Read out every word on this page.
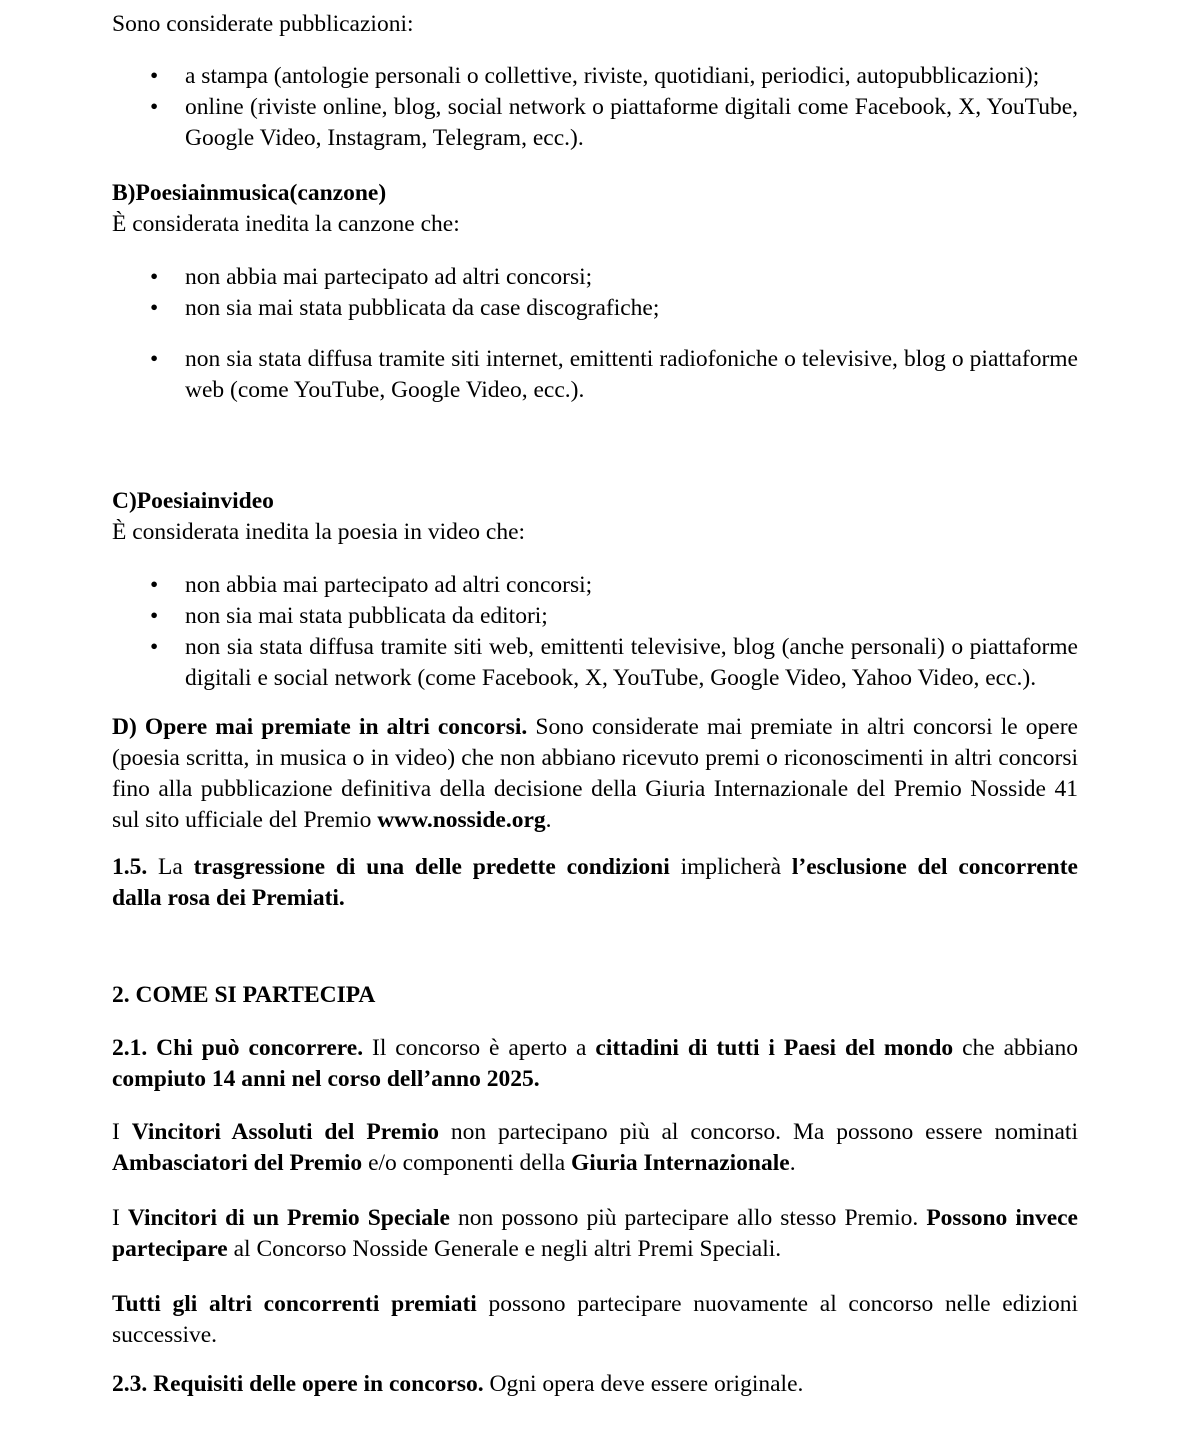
Sono considerate pubblicazioni:

• a stampa (antologie personali o collettive, riviste, quotidiani, periodici, autopubblicazioni);
• online (riviste online, blog, social network o piattaforme digitali come Facebook, X, YouTube, Google Video, Instagram, Telegram, ecc.).
B)Poesiainmusica(canzone)

È considerata inedita la canzone che:

• non abbia mai partecipato ad altri concorsi;
• non sia mai stata pubblicata da case discografiche;
• non sia stata diffusa tramite siti internet, emittenti radiofoniche o televisive, blog o piattaforme web (come YouTube, Google Video, ecc.).
C)Poesiainvideo

È considerata inedita la poesia in video che:

• non abbia mai partecipato ad altri concorsi;
• non sia mai stata pubblicata da editori;
• non sia stata diffusa tramite siti web, emittenti televisive, blog (anche personali) o piattaforme digitali e social network (come Facebook, X, YouTube, Google Video, Yahoo Video, ecc.).

D) Opere mai premiate in altri concorsi. Sono considerate mai premiate in altri concorsi le opere (poesia scritta, in musica o in video) che non abbiano ricevuto premi o riconoscimenti in altri concorsi fino alla pubblicazione definitiva della decisione della Giuria Internazionale del Premio Nosside 41 sul sito ufficiale del Premio www.nosside.org.

1.5. La trasgressione di una delle predette condizioni implicherà l’esclusione del concorrente dalla rosa dei Premiati.

2. COME SI PARTECIPA

2.1. Chi può concorrere. Il concorso è aperto a cittadini di tutti i Paesi del mondo che abbiano compiuto 14 anni nel corso dell’anno 2025.

I Vincitori Assoluti del Premio non partecipano più al concorso. Ma possono essere nominati Ambasciatori del Premio e/o componenti della Giuria Internazionale.

I Vincitori di un Premio Speciale non possono più partecipare allo stesso Premio. Possono invece partecipare al Concorso Nosside Generale e negli altri Premi Speciali.

Tutti gli altri concorrenti premiati possono partecipare nuovamente al concorso nelle edizioni successive.

2.3. Requisiti delle opere in concorso. Ogni opera deve essere originale.
